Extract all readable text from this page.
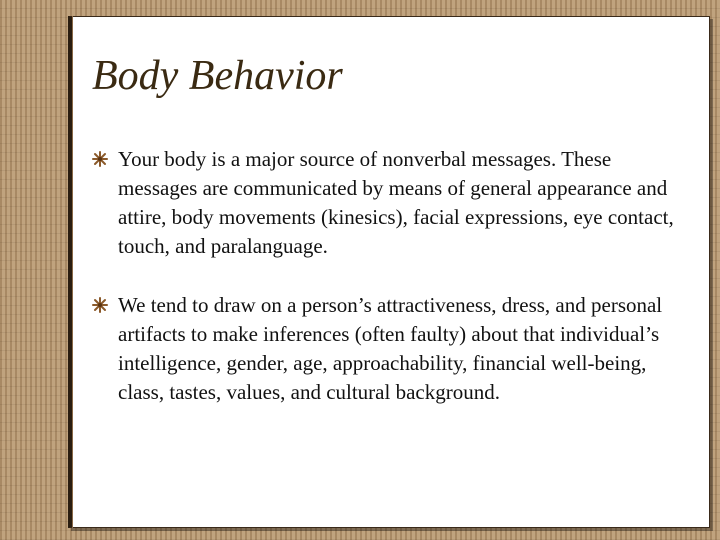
Body Behavior
Your body is a major source of nonverbal messages. These messages are communicated by means of general appearance and attire, body movements (kinesics), facial expressions, eye contact, touch, and paralanguage.
We tend to draw on a person’s attractiveness, dress, and personal artifacts to make inferences (often faulty) about that individual’s intelligence, gender, age, approachability, financial well-being, class, tastes, values, and cultural background.
